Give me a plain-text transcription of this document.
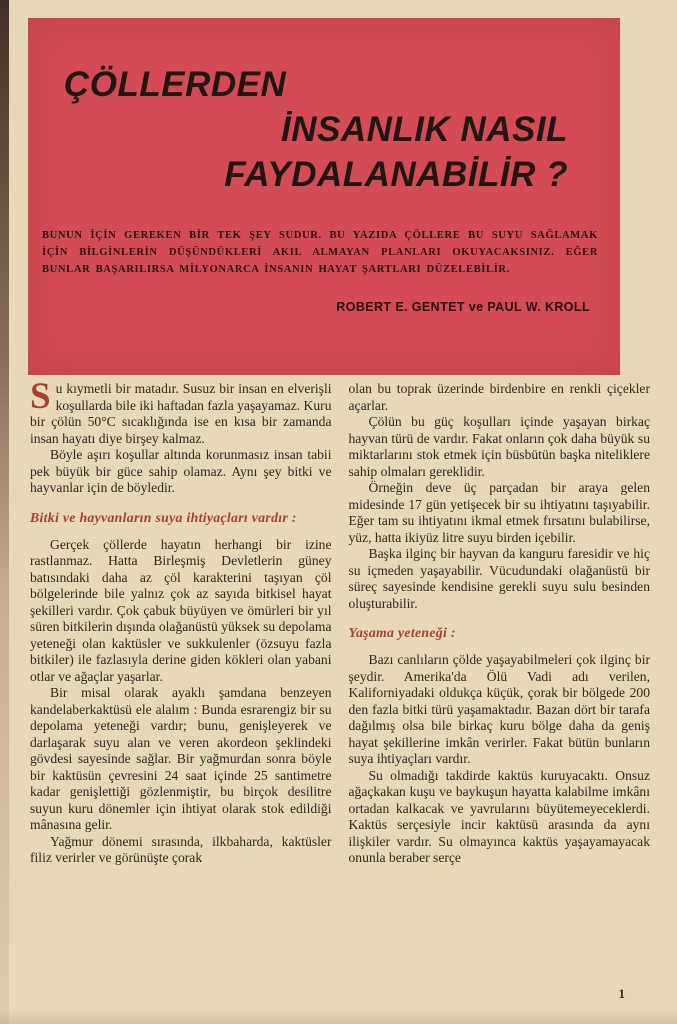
ÇÖLLERDEN
İNSANLIK NASIL
FAYDALANABİLİR ?
BUNUN İÇİN GEREKEN BİR TEK ŞEY SUDUR. BU YAZIDA ÇÖLLERE BU SUYU SAĞLAMAK İÇİN BİLGİNLERİN DÜŞÜNDÜKLERİ AKIL ALMAYAN PLANLARI OKUYACAKSINIZ. EĞER BUNLAR BAŞARILIRSA MİLYONARCA İNSANIN HAYAT ŞARTLARI DÜZELEBİLİR.
ROBERT E. GENTET ve PAUL W. KROLL

Su kıymetli bir matadır. Susuz bir insan en elverişli koşullarda bile iki haftadan fazla yaşayamaz. Kuru bir çölün 50°C sıcaklığında ise en kısa bir zamanda insan hayatı diye birşey kalmaz.

Böyle aşırı koşullar altında korunmasız insan tabii pek büyük bir güce sahip olamaz. Aynı şey bitki ve hayvanlar için de böyledir.

Bitki ve hayvanların suya ihtiyaçları vardır :

Gerçek çöllerde hayatın herhangi bir izine rastlanmaz. Hatta Birleşmiş Devletlerin güney batısındaki daha az çöl karakterini taşıyan çöl bölgelerinde bile yalnız çok az sayıda bitkisel hayat şekilleri vardır. Çok çabuk büyüyen ve ömürleri bir yıl süren bitkilerin dışında olağanüstü yüksek su depolama yeteneği olan kaktüsler ve sukkulenler (özsuyu fazla bitkiler) ile fazlasıyla derine giden kökleri olan yabani otlar ve ağaçlar yaşarlar.

Bir misal olarak ayaklı şamdana benzeyen kandelaberkaktüsü ele alalım : Bunda esrarengiz bir su depolama yeteneği vardır; bunu, genişleyerek ve darlaşarak suyu alan ve veren akordeon şeklindeki gövdesi sayesinde sağlar. Bir yağmurdan sonra böyle bir kaktüsün çevresini 24 saat içinde 25 santimetre kadar genişlettiği gözlenmiştir, bu birçok desilitre suyun kuru dönemler için ihtiyat olarak stok edildiği mânasına gelir.

Yağmur dönemi sırasında, ilkbaharda, kaktüsler filiz verirler ve görünüşte çorak

olan bu toprak üzerinde birdenbire en renkli çiçekler açarlar.

Çölün bu güç koşulları içinde yaşayan birkaç hayvan türü de vardır. Fakat onların çok daha büyük su miktarlarını stok etmek için büsbütün başka niteliklere sahip olmaları gereklidir.

Örneğin deve üç parçadan bir araya gelen midesinde 17 gün yetişecek bir su ihtiyatını taşıyabilir. Eğer tam su ihtiyatını ikmal etmek fırsatını bulabilirse, yüz, hatta ikiyüz litre suyu birden içebilir.

Başka ilginç bir hayvan da kanguru faresidir ve hiç su içmeden yaşayabilir. Vücudundaki olağanüstü bir süreç sayesinde kendisine gerekli suyu sulu besinden oluşturabilir.

Yaşama yeteneği :

Bazı canlıların çölde yaşayabilmeleri çok ilginç bir şeydir. Amerika'da Ölü Vadi adı verilen, Kaliforniyadaki oldukça küçük, çorak bir bölgede 200 den fazla bitki türü yaşamaktadır. Bazan dört bir tarafa dağılmış olsa bile birkaç kuru bölge daha da geniş hayat şekillerine imkân verirler. Fakat bütün bunların suya ihtiyaçları vardır.

Su olmadığı takdirde kaktüs kuruyacaktı. Onsuz ağaçkakan kuşu ve baykuşun hayatta kalabilme imkânı ortadan kalkacak ve yavrularını büyütemeyeceklerdi. Kaktüs serçesiyle incir kaktüsü arasında da aynı ilişkiler vardır. Su olmayınca kaktüs yaşayamayacak onunla beraber serçe

1
